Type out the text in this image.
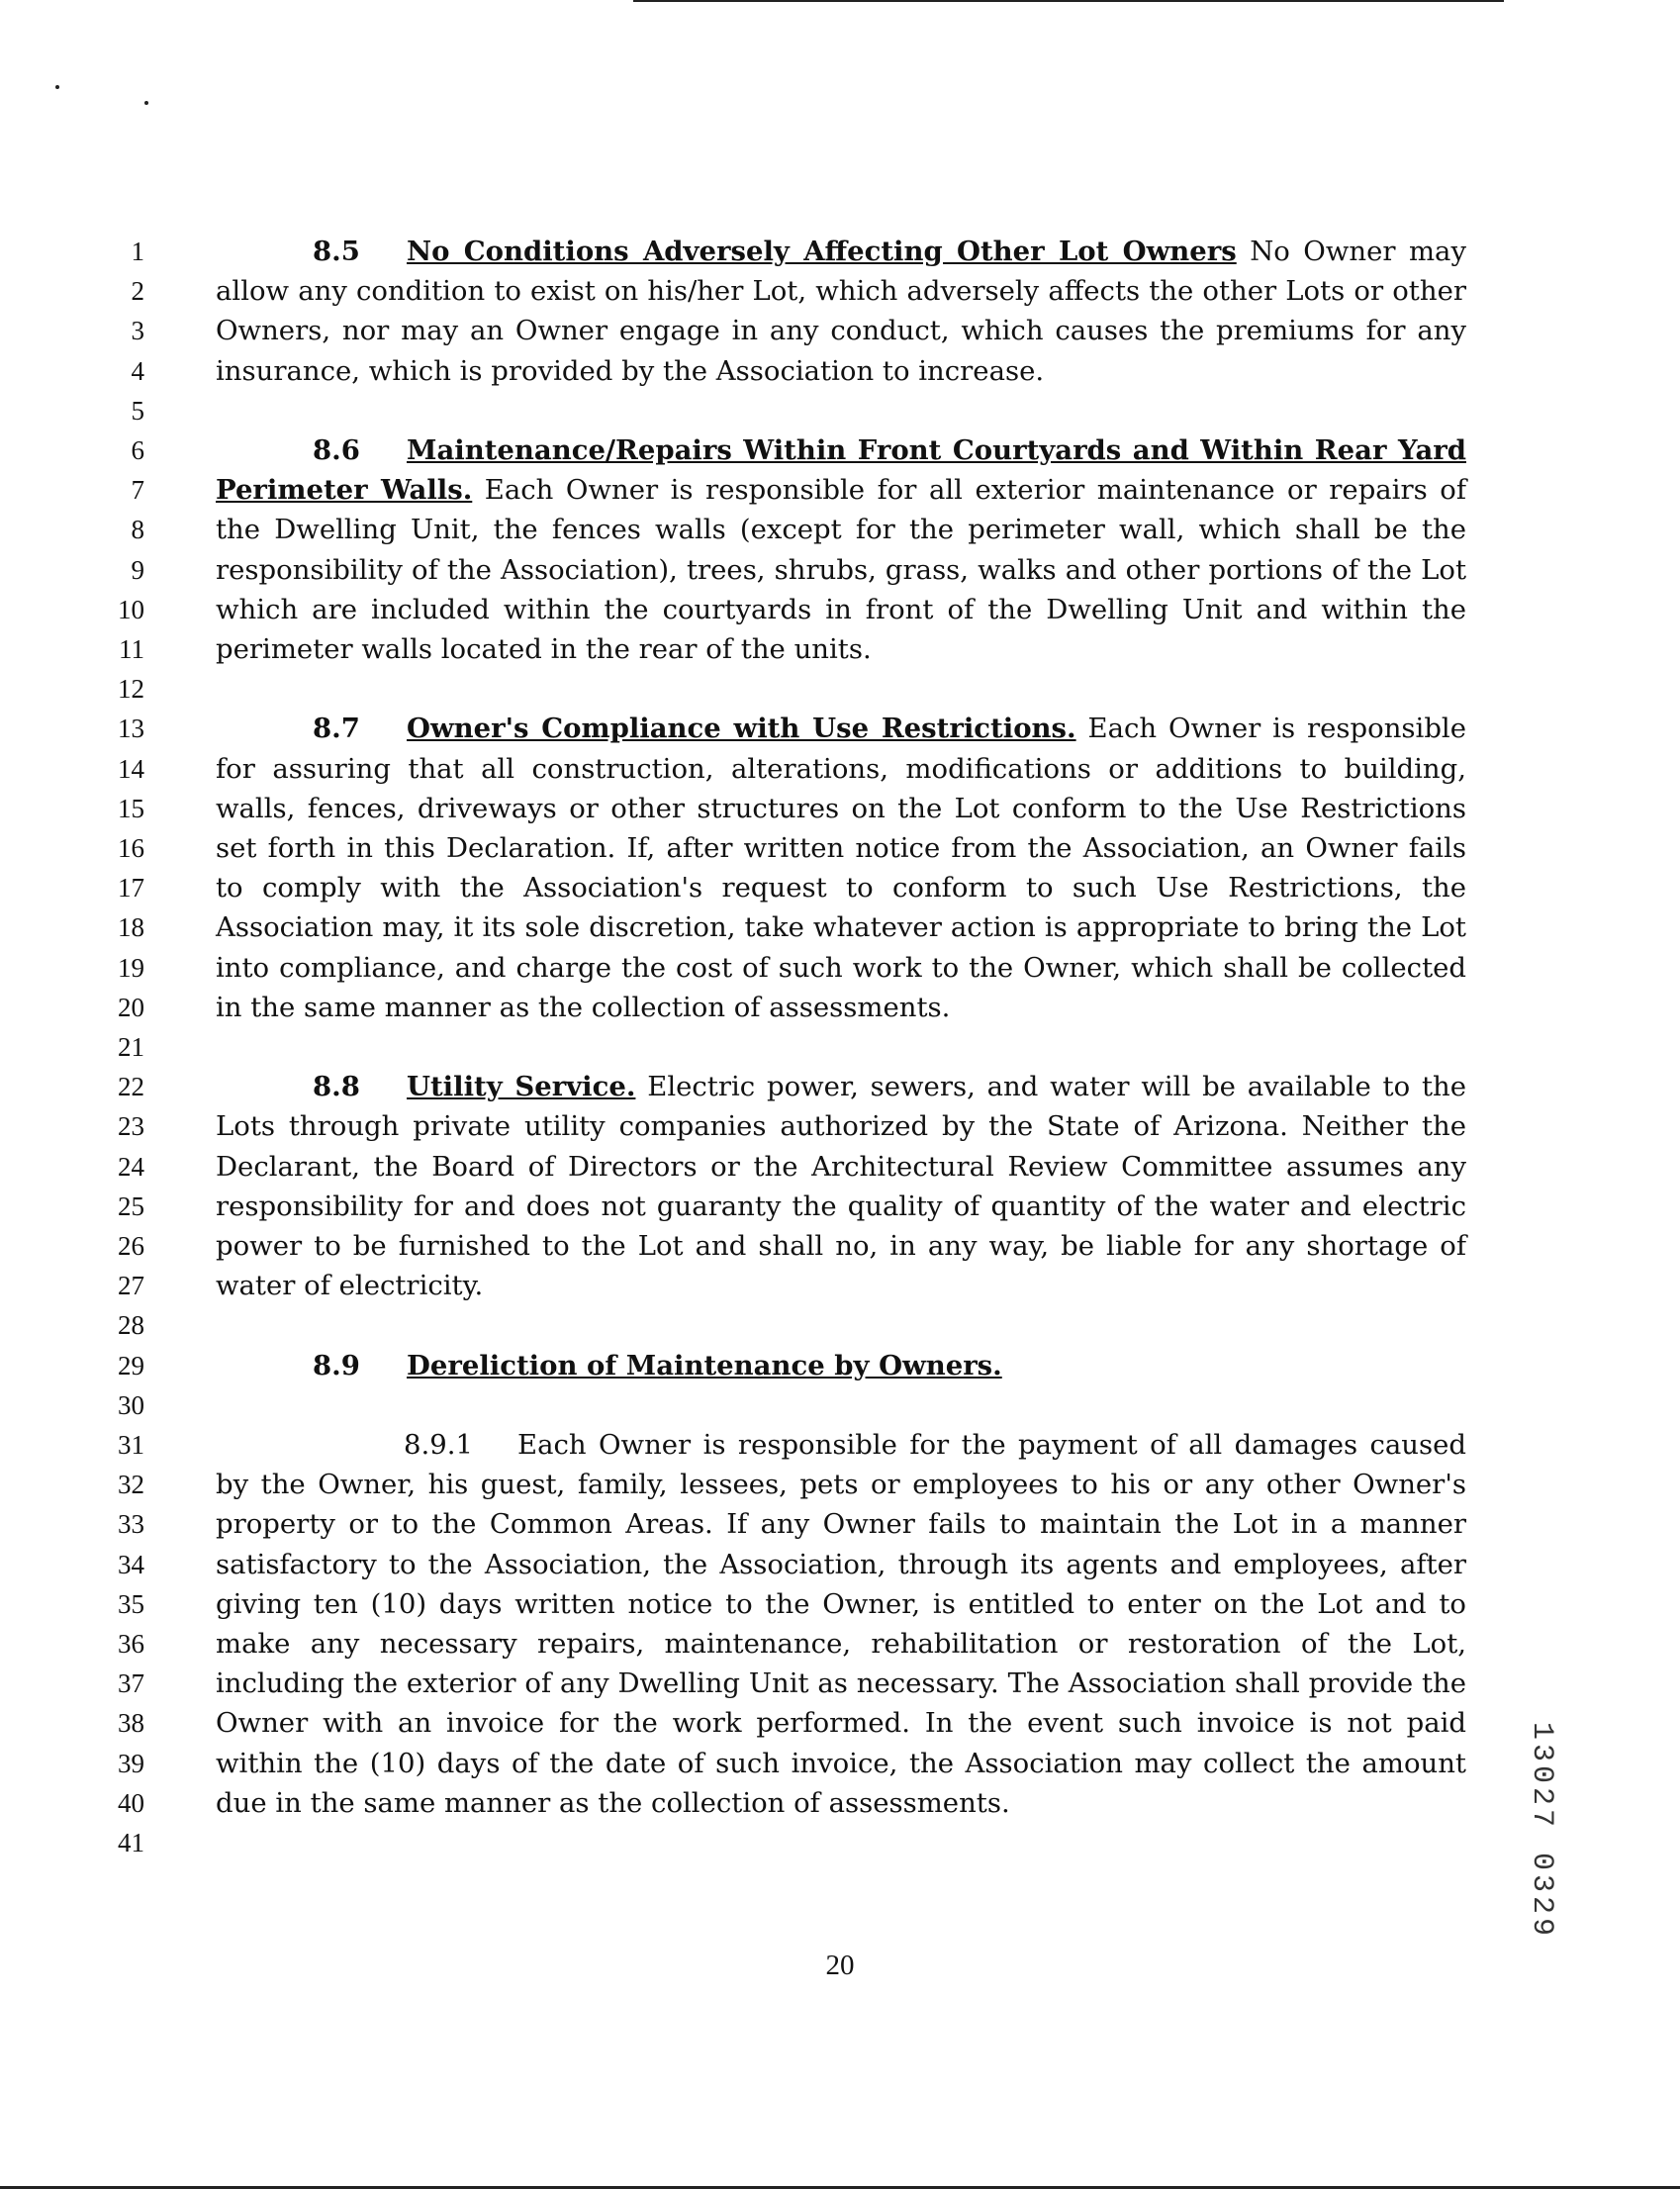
1
2
3
4
5
6
7
8
9
10
11
12
13
14
15
16
17
18
19
20
21
22
23
24
25
26
27
28
29
30
31
32
33
34
35
36
37
38
39
40
41

8.5 No Conditions Adversely Affecting Other Lot Owners No Owner may allow any condition to exist on his/her Lot, which adversely affects the other Lots or other Owners, nor may an Owner engage in any conduct, which causes the premiums for any insurance, which is provided by the Association to increase.

8.6 Maintenance/Repairs Within Front Courtyards and Within Rear Yard Perimeter Walls. Each Owner is responsible for all exterior maintenance or repairs of the Dwelling Unit, the fences walls (except for the perimeter wall, which shall be the responsibility of the Association), trees, shrubs, grass, walks and other portions of the Lot which are included within the courtyards in front of the Dwelling Unit and within the perimeter walls located in the rear of the units.

8.7 Owner's Compliance with Use Restrictions. Each Owner is responsible for assuring that all construction, alterations, modifications or additions to building, walls, fences, driveways or other structures on the Lot conform to the Use Restrictions set forth in this Declaration. If, after written notice from the Association, an Owner fails to comply with the Association's request to conform to such Use Restrictions, the Association may, it its sole discretion, take whatever action is appropriate to bring the Lot into compliance, and charge the cost of such work to the Owner, which shall be collected in the same manner as the collection of assessments.

8.8 Utility Service. Electric power, sewers, and water will be available to the Lots through private utility companies authorized by the State of Arizona. Neither the Declarant, the Board of Directors or the Architectural Review Committee assumes any responsibility for and does not guaranty the quality of quantity of the water and electric power to be furnished to the Lot and shall no, in any way, be liable for any shortage of water of electricity.

8.9 Dereliction of Maintenance by Owners.

8.9.1 Each Owner is responsible for the payment of all damages caused by the Owner, his guest, family, lessees, pets or employees to his or any other Owner's property or to the Common Areas. If any Owner fails to maintain the Lot in a manner satisfactory to the Association, the Association, through its agents and employees, after giving ten (10) days written notice to the Owner, is entitled to enter on the Lot and to make any necessary repairs, maintenance, rehabilitation or restoration of the Lot, including the exterior of any Dwelling Unit as necessary. The Association shall provide the Owner with an invoice for the work performed. In the event such invoice is not paid within the (10) days of the date of such invoice, the Association may collect the amount due in the same manner as the collection of assessments.

20
13027 0329
